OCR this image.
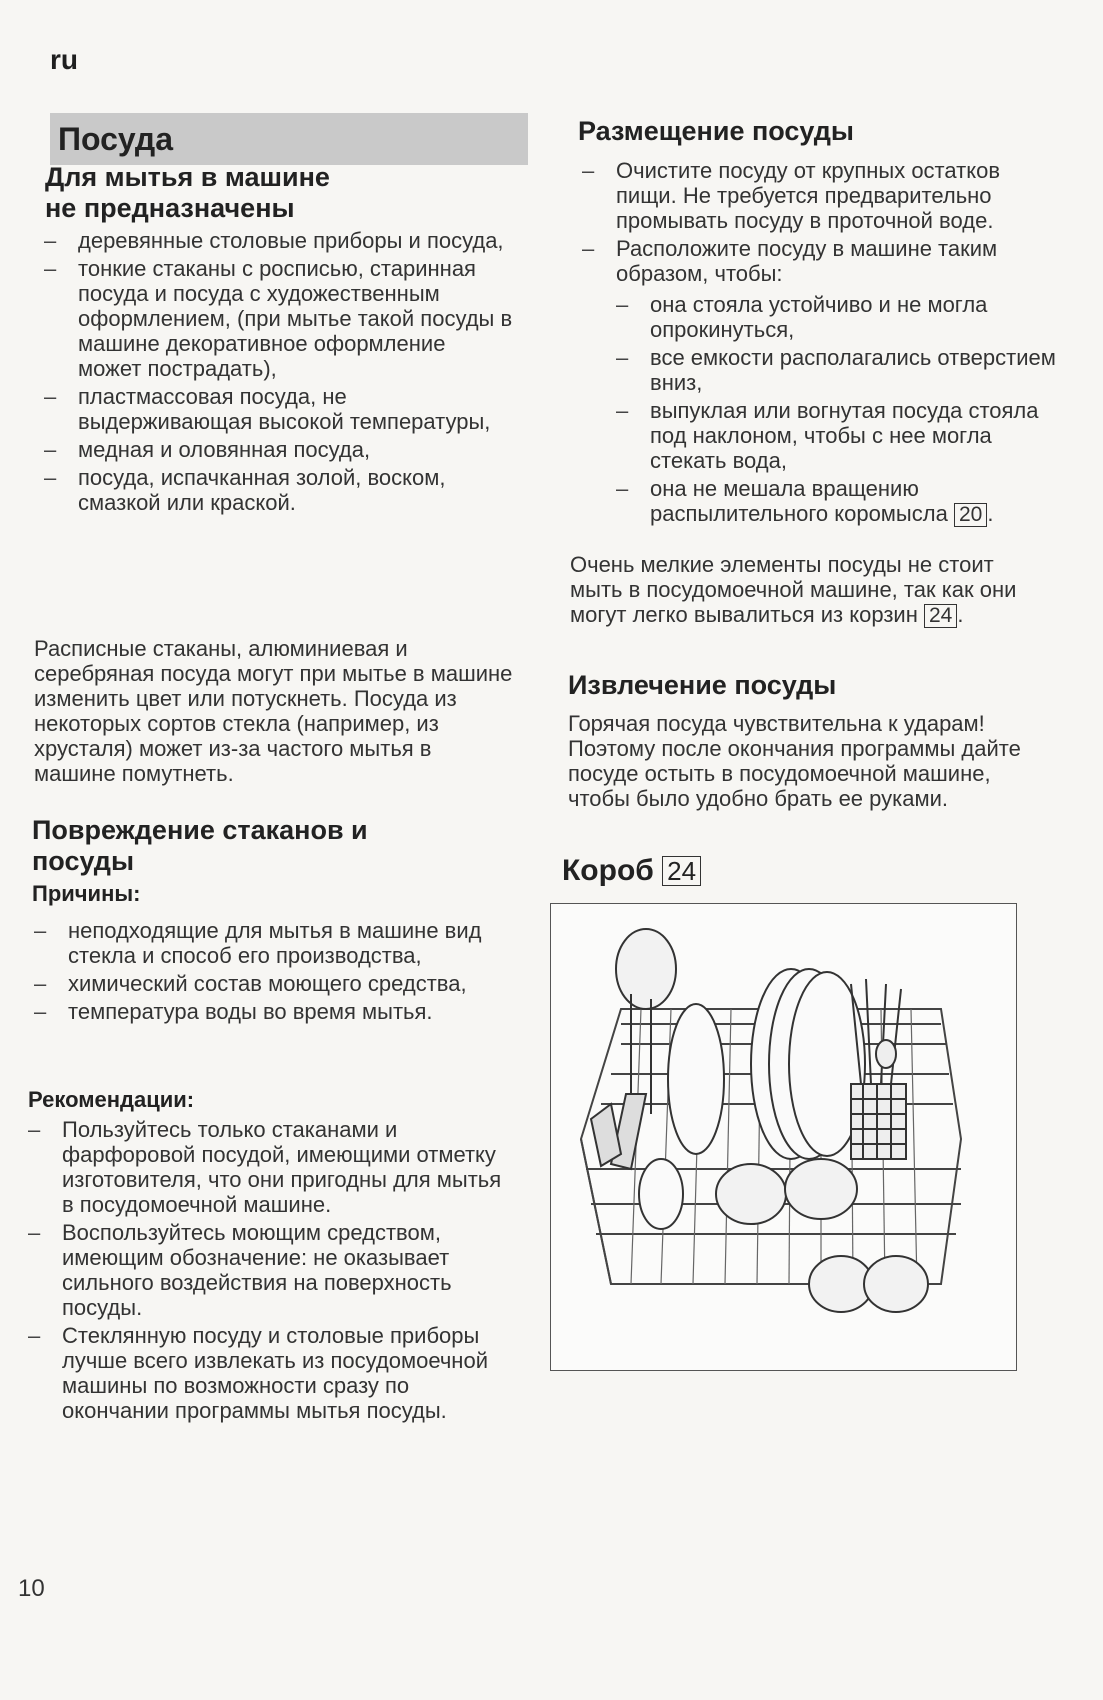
ru
Посуда
Для мытья в машине не предназначены
– деревянные столовые приборы и посуда,
– тонкие стаканы с росписью, старинная посуда и посуда с художественным оформлением, (при мытье такой посуды в машине декоративное оформление может пострадать),
– пластмассовая посуда, не выдерживающая высокой температуры,
– медная и оловянная посуда,
– посуда, испачканная золой, воском, смазкой или краской.

Расписные стаканы, алюминиевая и серебряная посуда могут при мытье в машине изменить цвет или потускнеть. Посуда из некоторых сортов стекла (например, из хрусталя) может из-за частого мытья в машине помутнеть.

Повреждение стаканов и посуды
Причины:
– неподходящие для мытья в машине вид стекла и способ его производства,
– химический состав моющего средства,
– температура воды во время мытья.
Рекомендации:
– Пользуйтесь только стаканами и фарфоровой посудой, имеющими отметку изготовителя, что они пригодны для мытья в посудомоечной машине.
– Воспользуйтесь моющим средством, имеющим обозначение: не оказывает сильного воздействия на поверхность посуды.
– Стеклянную посуду и столовые приборы лучше всего извлекать из посудомоечной машины по возможности сразу по окончании программы мытья посуды.
Размещение посуды
– Очистите посуду от крупных остатков пищи. Не требуется предварительно промывать посуду в проточной воде.
– Расположите посуду в машине таким образом, чтобы:
– она стояла устойчиво и не могла опрокинуться,
– все емкости располагались отверстием вниз,
– выпуклая или вогнутая посуда стояла под наклоном, чтобы с нее могла стекать вода,
– она не мешала вращению распылительного коромысла 20 .

Очень мелкие элементы посуды не стоит мыть в посудомоечной машине, так как они могут легко вывалиться из корзин 24 .

Извлечение посуды

Горячая посуда чувствительна к ударам! Поэтому после окончания программы дайте посуде остыть в посудомоечной машине, чтобы было удобно брать ее руками.

Короб 24
10
